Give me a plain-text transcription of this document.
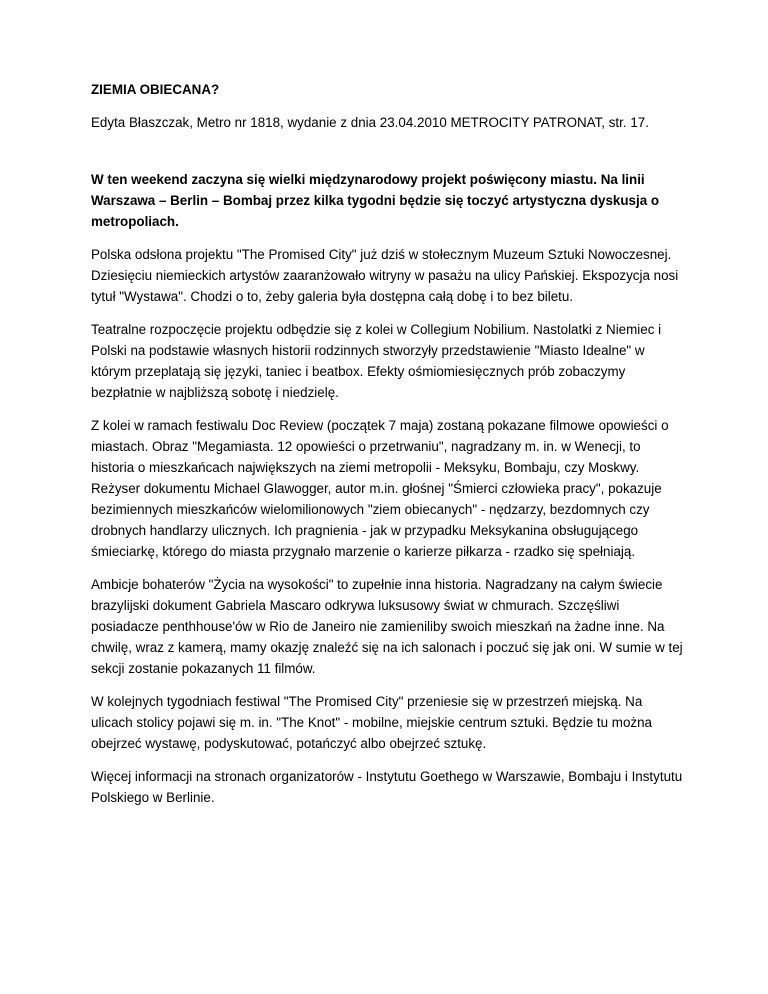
ZIEMIA OBIECANA?

Edyta Błaszczak, Metro nr 1818, wydanie z dnia 23.04.2010 METROCITY PATRONAT, str. 17.

W ten weekend zaczyna się wielki międzynarodowy projekt poświęcony miastu. Na linii Warszawa – Berlin – Bombaj przez kilka tygodni będzie się toczyć artystyczna dyskusja o metropoliach.

Polska odsłona projektu "The Promised City" już dziś w stołecznym Muzeum Sztuki Nowoczesnej. Dziesięciu niemieckich artystów zaaranżowało witryny w pasażu na ulicy Pańskiej. Ekspozycja nosi tytuł "Wystawa". Chodzi o to, żeby galeria była dostępna całą dobę i to bez biletu.

Teatralne rozpoczęcie projektu odbędzie się z kolei w Collegium Nobilium. Nastolatki z Niemiec i Polski na podstawie własnych historii rodzinnych stworzyły przedstawienie "Miasto Idealne" w którym przeplatają się języki, taniec i beatbox. Efekty ośmiomiesięcznych prób zobaczymy bezpłatnie w najbliższą sobotę i niedzielę.

Z kolei w ramach festiwalu Doc Review (początek 7 maja) zostaną pokazane filmowe opowieści o miastach. Obraz "Megamiasta. 12 opowieści o przetrwaniu", nagradzany m. in. w Wenecji, to historia o mieszkańcach największych na ziemi metropolii - Meksyku, Bombaju, czy Moskwy. Reżyser dokumentu Michael Glawogger, autor m.in. głośnej "Śmierci człowieka pracy", pokazuje bezimiennych mieszkańców wielomilionowych "ziem obiecanych" - nędzarzy, bezdomnych czy drobnych handlarzy ulicznych. Ich pragnienia - jak w przypadku Meksykanina obsługującego śmieciarkę, którego do miasta przygnało marzenie o karierze piłkarza - rzadko się spełniają.

Ambicje bohaterów "Życia na wysokości" to zupełnie inna historia. Nagradzany na całym świecie brazylijski dokument Gabriela Mascaro odkrywa luksusowy świat w chmurach. Szczęśliwi posiadacze penthhouse'ów w Rio de Janeiro nie zamieniliby swoich mieszkań na żadne inne. Na chwilę, wraz z kamerą, mamy okazję znaleźć się na ich salonach i poczuć się jak oni. W sumie w tej sekcji zostanie pokazanych 11 filmów.

W kolejnych tygodniach festiwal "The Promised City" przeniesie się w przestrzeń miejską. Na ulicach stolicy pojawi się m. in. "The Knot" - mobilne, miejskie centrum sztuki. Będzie tu można obejrzeć wystawę, podyskutować, potańczyć albo obejrzeć sztukę.

Więcej informacji na stronach organizatorów - Instytutu Goethego w Warszawie, Bombaju i Instytutu Polskiego w Berlinie.
